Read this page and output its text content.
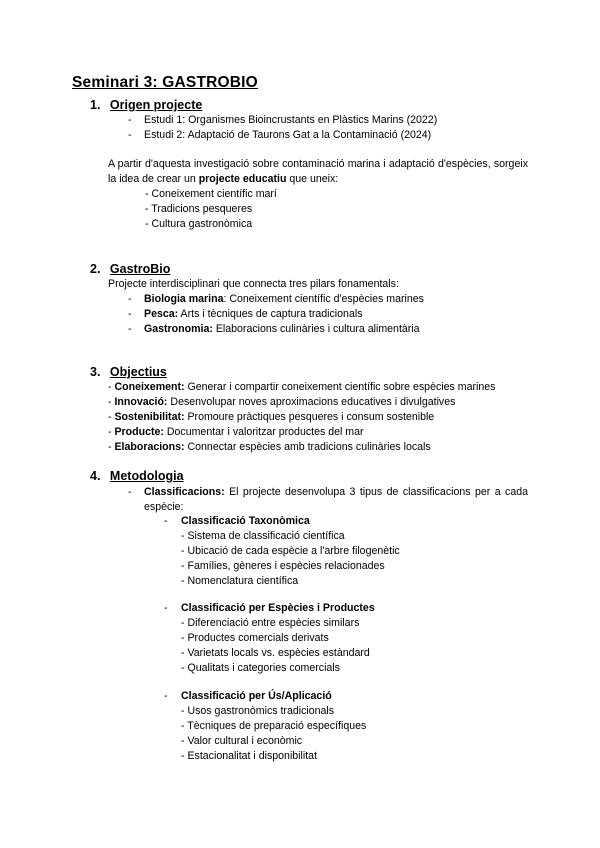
Seminari 3: GASTROBIO
1. Origen projecte
- Estudi 1: Organismes Bioincrustants en Plàstics Marins (2022)
- Estudi 2: Adaptació de Taurons Gat a la Contaminació (2024)
A partir d'aquesta investigació sobre contaminació marina i adaptació d'espècies, sorgeix la idea de crear un projecte educatiu que uneix:
- Coneixement científic marí
- Tradicions pesqueres
- Cultura gastronòmica
2. GastroBio
Projecte interdisciplinari que connecta tres pilars fonamentals:
- Biologia marina: Coneixement científic d'espècies marines
- Pesca: Arts i tècniques de captura tradicionals
- Gastronomia: Elaboracions culinàries i cultura alimentària
3. Objectius
- Coneixement: Generar i compartir coneixement científic sobre espècies marines
- Innovació: Desenvolupar noves aproximacions educatives i divulgatives
- Sostenibilitat: Promoure pràctiques pesqueres i consum sostenible
- Producte: Documentar i valoritzar productes del mar
- Elaboracions: Connectar espècies amb tradicions culinàries locals
4. Metodologia
- Classificacions: El projecte desenvolupa 3 tipus de classificacions per a cada espècie:
- Classificació Taxonòmica
- Sistema de classificació científica
- Ubicació de cada espècie a l'arbre filogenètic
- Famílies, gèneres i espècies relacionades
- Nomenclatura científica
- Classificació per Espècies i Productes
- Diferenciació entre espècies similars
- Productes comercials derivats
- Varietats locals vs. espècies estàndard
- Qualitats i categories comercials
- Classificació per Ús/Aplicació
- Usos gastronòmics tradicionals
- Tècniques de preparació específiques
- Valor cultural i econòmic
- Estacionalitat i disponibilitat
